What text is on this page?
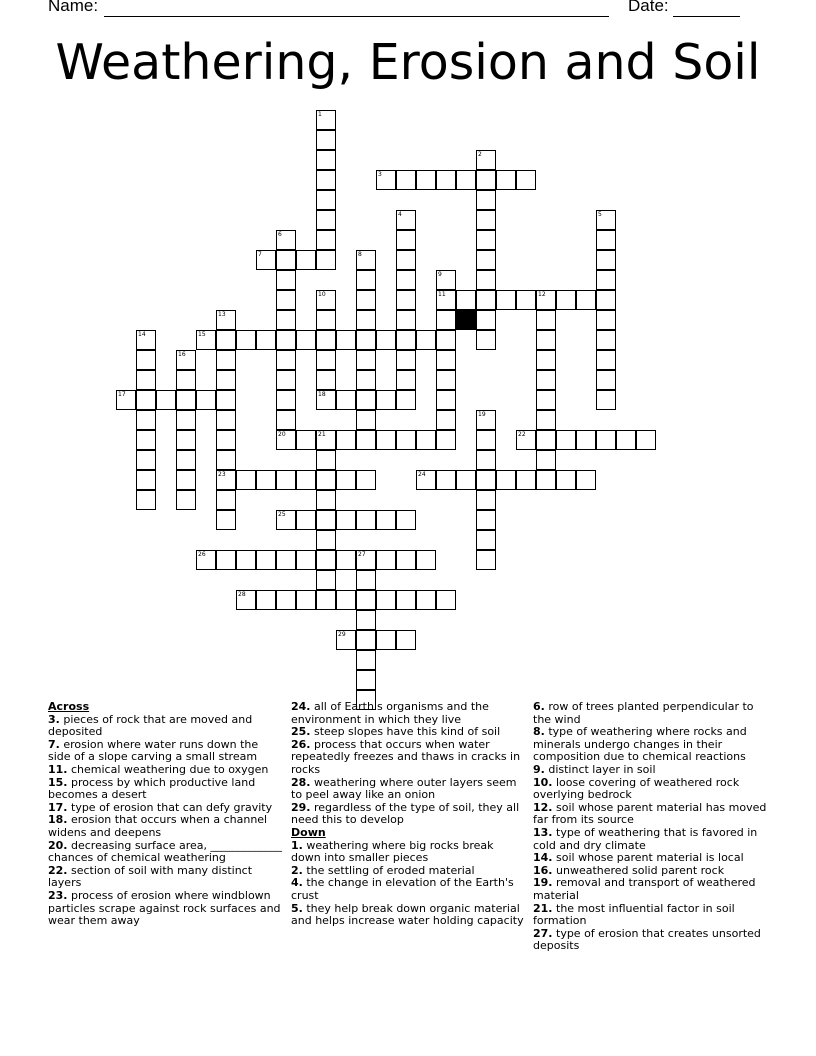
Name:	Date:
Weathering, Erosion and Soil
1
2
3
4	5
6
7	8
9
11
10	12
13
23
14	15
16
17	18
19
20	21	22
24
25
26	27
28
29
Across
3. pieces of rock that are moved and deposited
7. erosion where water runs down the side of a slope carving a small stream
11. chemical weathering due to oxygen
15. process by which productive land becomes a desert
17. type of erosion that can defy gravity
18. erosion that occurs when a channel widens and deepens
20. decreasing surface area, _____________ chances of chemical weathering
22. section of soil with many distinct layers
23. process of erosion where windblown particles scrape against rock surfaces and wear them away
24. all of Earth's organisms and the environment in which they live
25. steep slopes have this kind of soil
26. process that occurs when water repeatedly freezes and thaws in cracks in rocks
28. weathering where outer layers seem to peel away like an onion
29. regardless of the type of soil, they all need this to develop
Down
1. weathering where big rocks break down into smaller pieces
2. the settling of eroded material
4. the change in elevation of the Earth's crust
5. they help break down organic material and helps increase water holding capacity
6. row of trees planted perpendicular to the wind
8. type of weathering where rocks and minerals undergo changes in their composition due to chemical reactions
9. distinct layer in soil
10. loose covering of weathered rock overlying bedrock
12. soil whose parent material has moved far from its source
13. type of weathering that is favored in cold and dry climate
14. soil whose parent material is local
16. unweathered solid parent rock
19. removal and transport of weathered material
21. the most influential factor in soil formation
27. type of erosion that creates unsorted deposits
